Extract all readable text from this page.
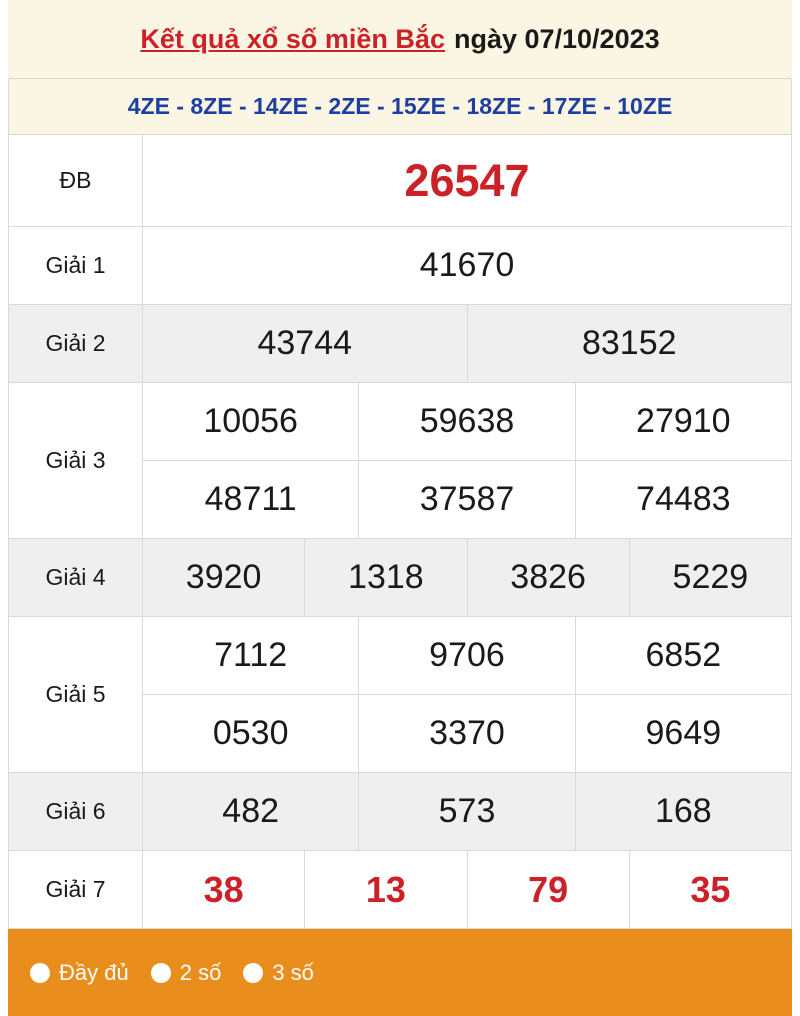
Kết quả xổ số miền Bắc ngày 07/10/2023
4ZE - 8ZE - 14ZE - 2ZE - 15ZE - 18ZE - 17ZE - 10ZE
ĐB	26547
Giải 1	41670
Giải 2	43744	83152
Giải 3
10056	59638	27910
48711	37587	74483
Giải 4	3920	1318	3826	5229
Giải 5
7112	9706	6852
0530	3370	9649
Giải 6	482	573	168
Giải 7	38	13	79	35
Đầy đủ 2 số 3 số
